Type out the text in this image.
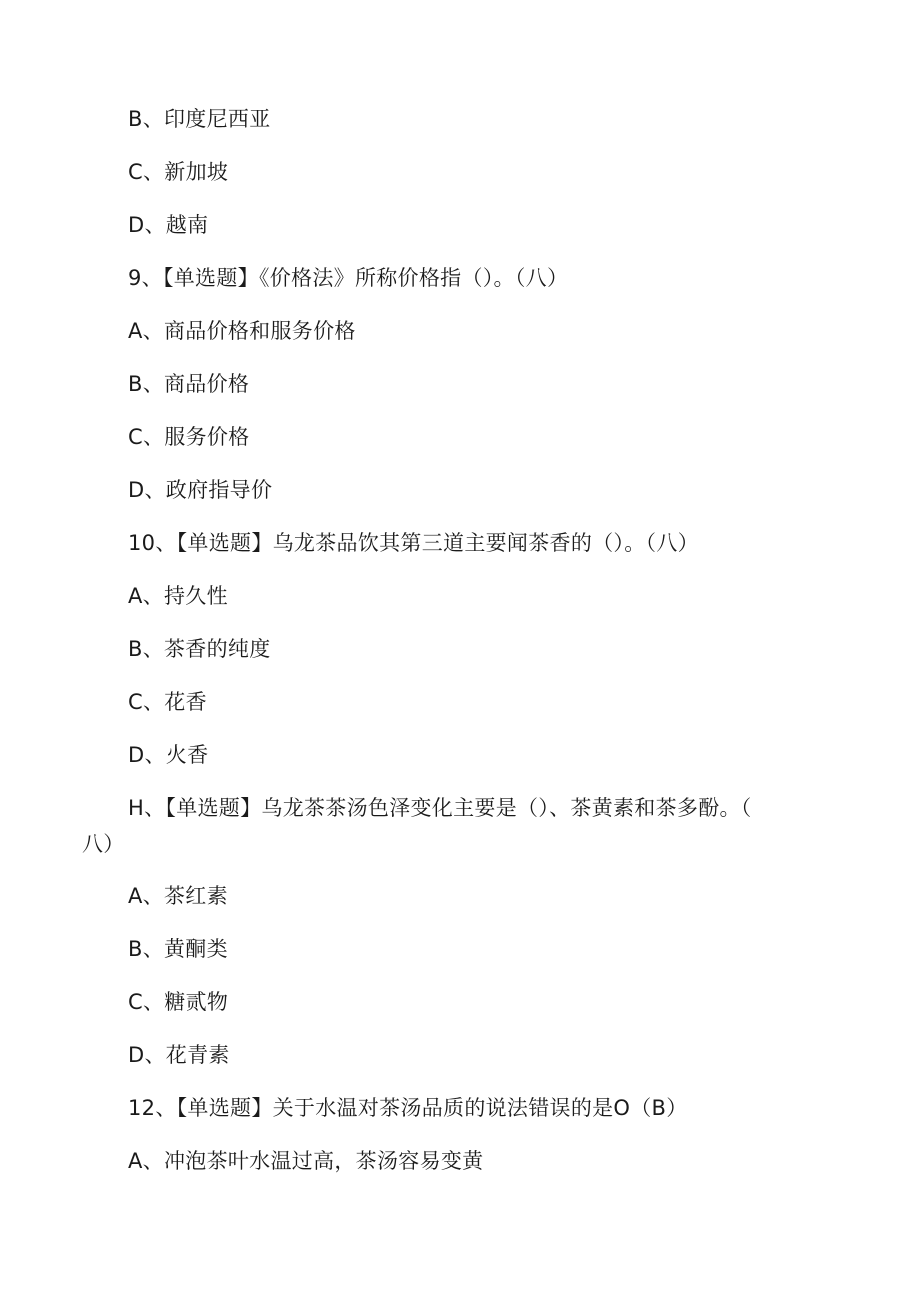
B、印度尼西亚
C、新加坡
D、越南
9、【单选题】《价格法》所称价格指（）。（八）
A、商品价格和服务价格
B、商品价格
C、服务价格
D、政府指导价
10、【单选题】乌龙茶品饮其第三道主要闻茶香的（）。（八）
A、持久性
B、茶香的纯度
C、花香
D、火香
H、【单选题】乌龙茶茶汤色泽变化主要是（）、茶黄素和茶多酚。（
八）
A、茶红素
B、黄酮类
C、糖贰物
D、花青素
12、【单选题】关于水温对茶汤品质的说法错误的是O（B）
A、冲泡茶叶水温过高，茶汤容易变黄
